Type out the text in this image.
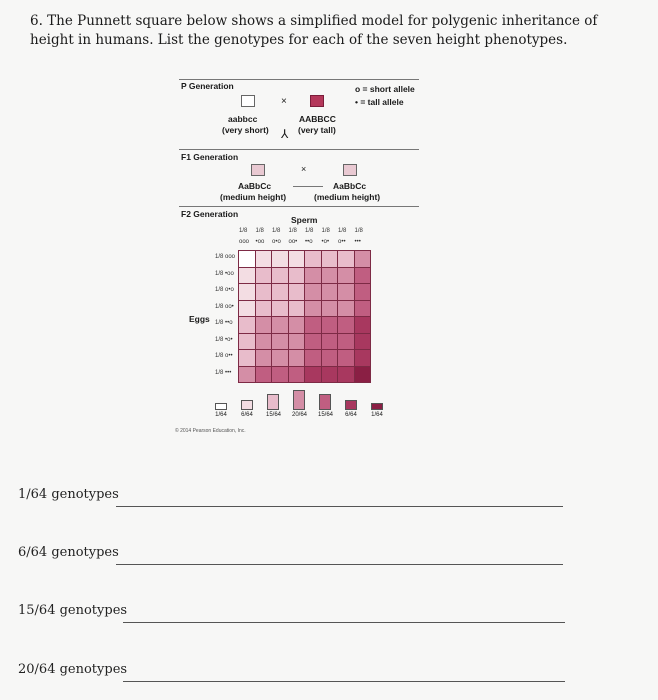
6. The Punnett square below shows a simplified model for polygenic inheritance of height in humans. List the genotypes for each of the seven height phenotypes.
P Generation	o = short allele
• = tall allele
×
aabbcc
(very short)
AABBCC
(very tall)
⅄
F1 Generation
×
AaBbCc
(medium height)
AaBbCc
(medium height)
F2 Generation
Sperm
Eggs
1/8
ooo
1/8
•oo
1/8
o•o
1/8
oo•
1/8
••o
1/8
•o•
1/8
o••
1/8
•••
1/8 ooo
1/8 •oo
1/8 o•o
1/8 oo•
1/8 ••o
1/8 •o•
1/8 o••
1/8 •••
1/64 6/64 15/64 20/64 15/64 6/64 1/64
© 2014 Pearson Education, Inc.
1/64 genotypes
6/64 genotypes
15/64 genotypes
20/64 genotypes
